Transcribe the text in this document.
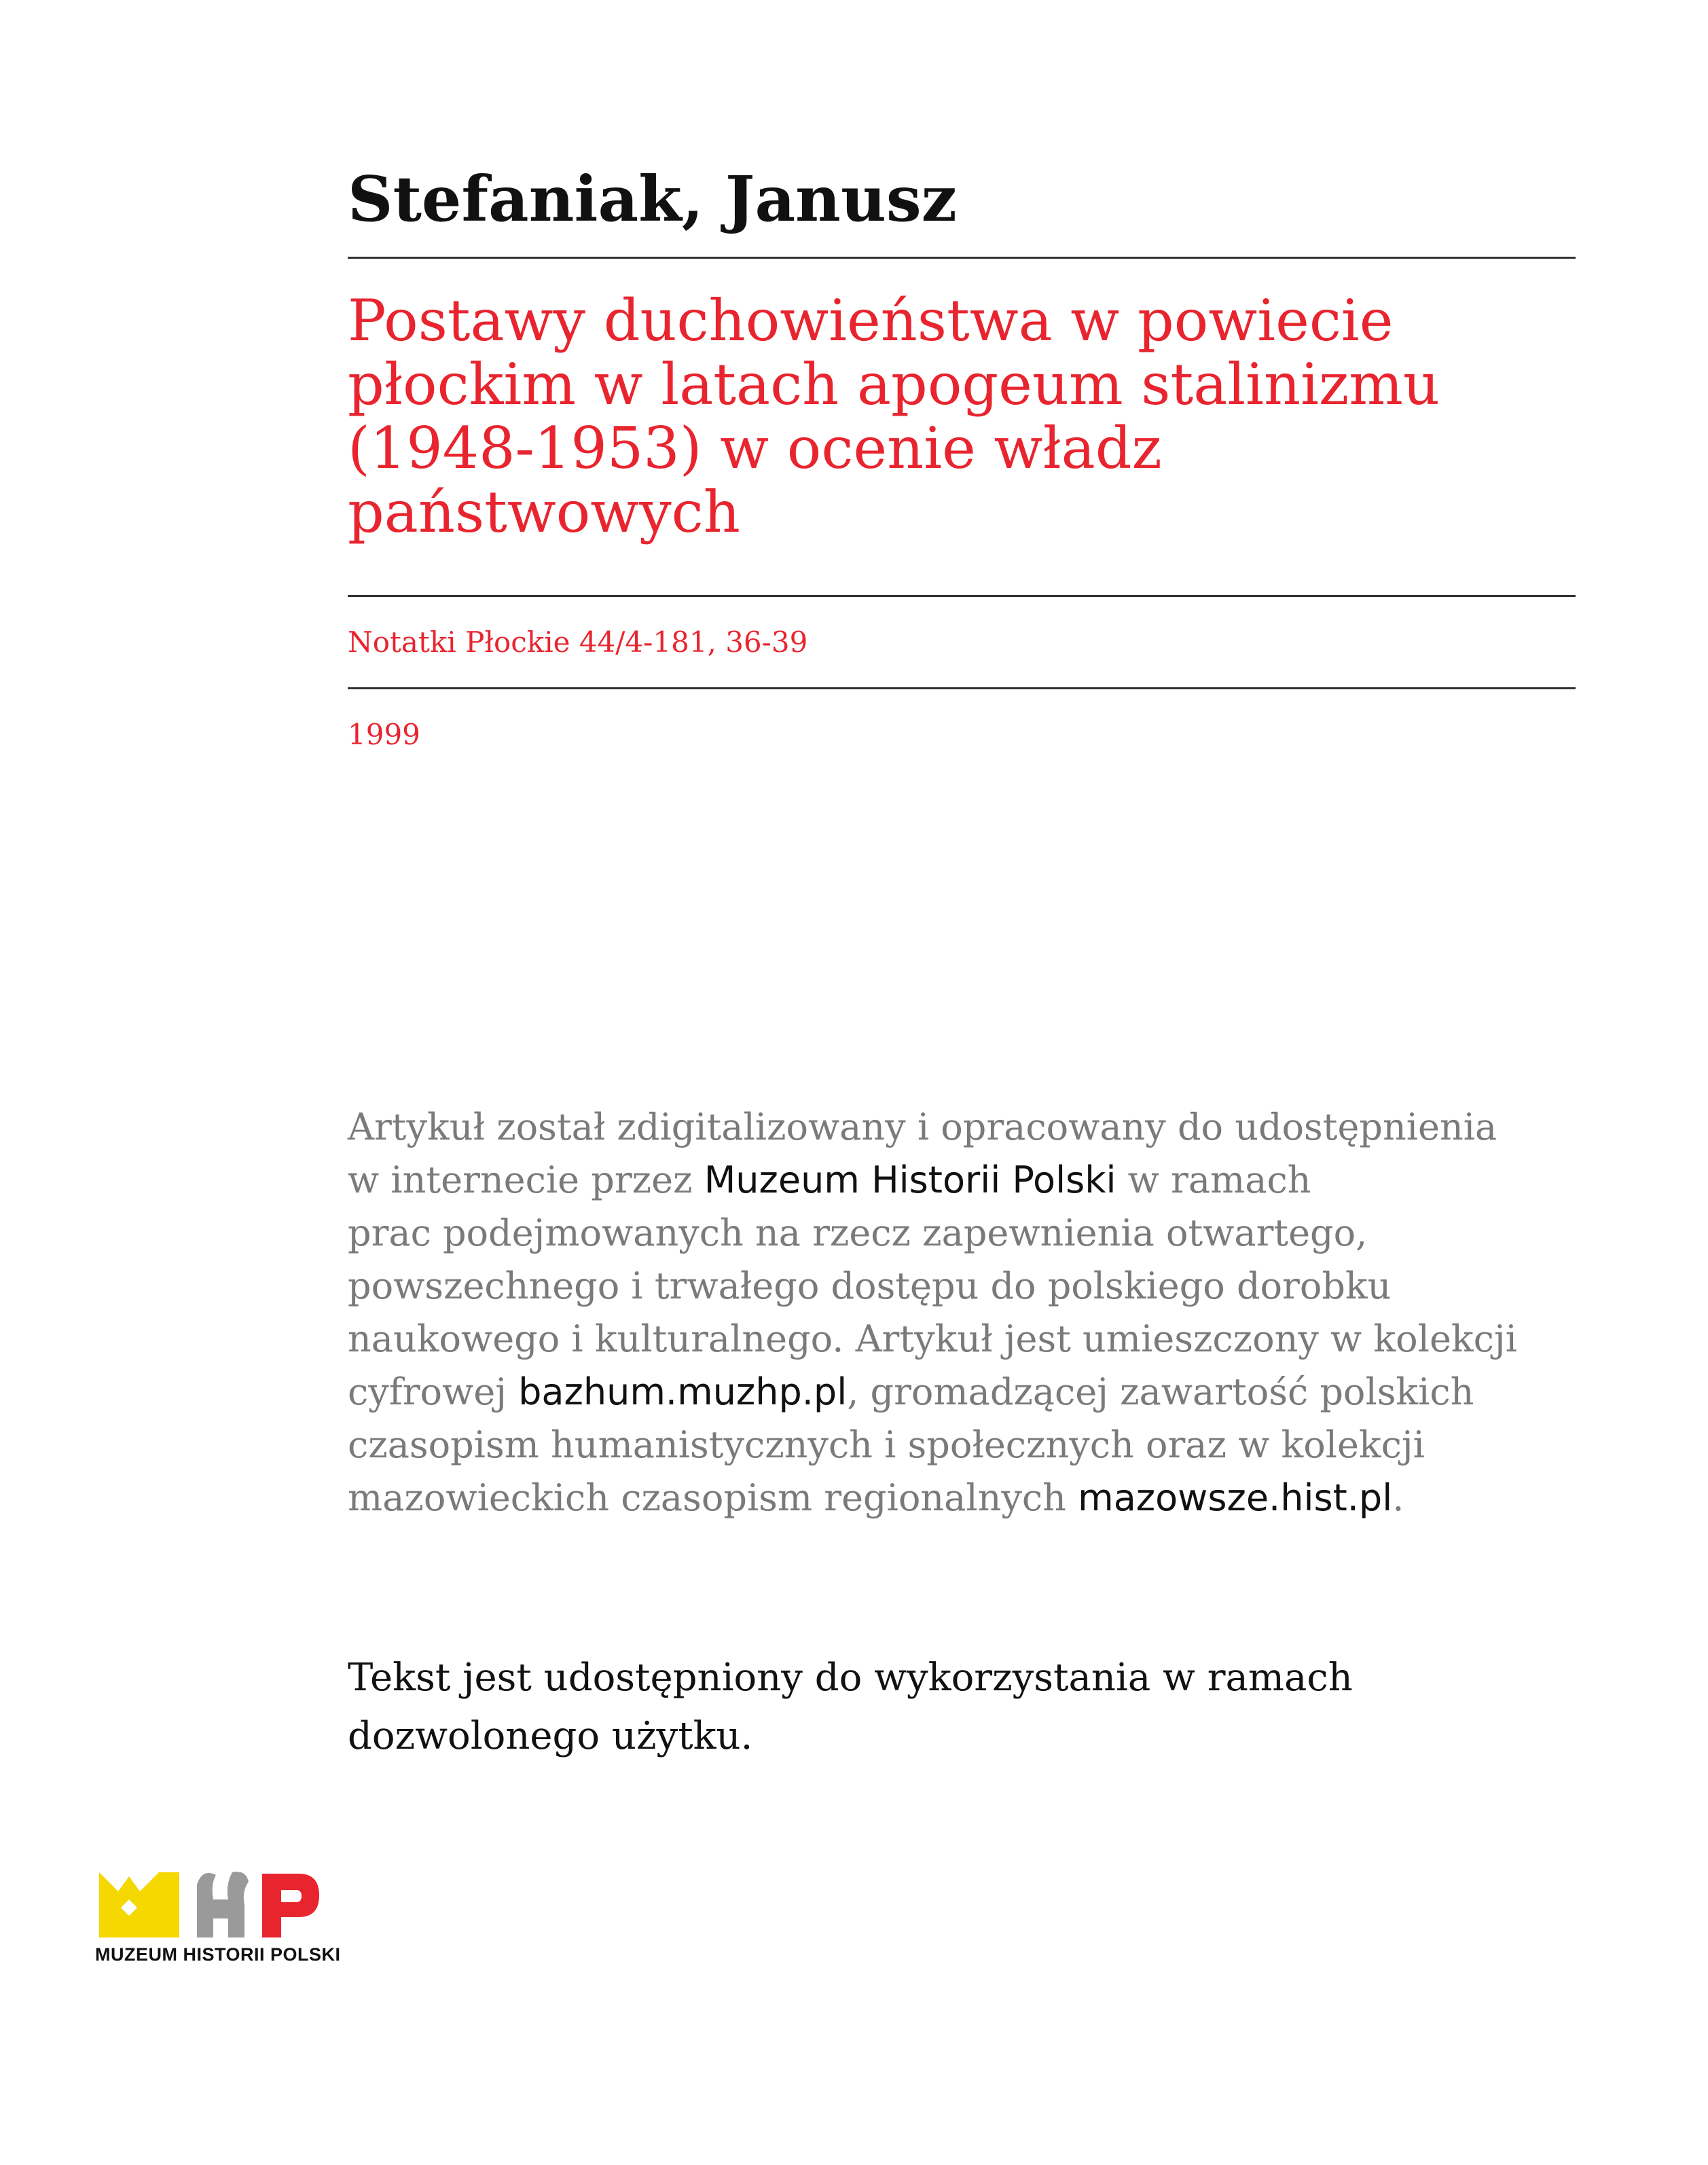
Stefaniak, Janusz
Postawy duchowieństwa w powiecie
płockim w latach apogeum stalinizmu
(1948-1953) w ocenie władz
państwowych
Notatki Płockie 44/4-181, 36-39
1999
Artykuł został zdigitalizowany i opracowany do udostępnienia
w internecie przez Muzeum Historii Polski w ramach
prac podejmowanych na rzecz zapewnienia otwartego,
powszechnego i trwałego dostępu do polskiego dorobku
naukowego i kulturalnego. Artykuł jest umieszczony w kolekcji
cyfrowej bazhum.muzhp.pl, gromadzącej zawartość polskich
czasopism humanistycznych i społecznych oraz w kolekcji
mazowieckich czasopism regionalnych mazowsze.hist.pl.
Tekst jest udostępniony do wykorzystania w ramach
dozwolonego użytku.
MUZEUM HISTORII POLSKI
